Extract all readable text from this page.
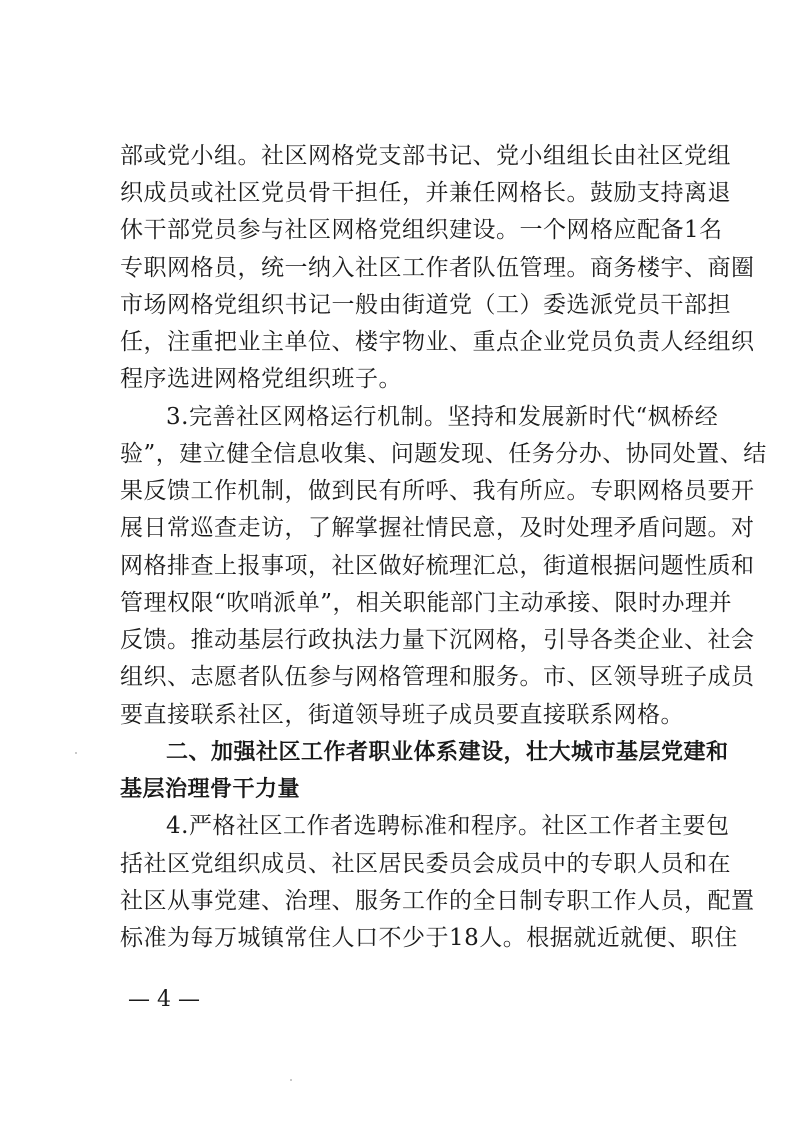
部或党小组。社区网格党支部书记、党小组组长由社区党组
织成员或社区党员骨干担任，并兼任网格长。鼓励支持离退
休干部党员参与社区网格党组织建设。一个网格应配备1名
专职网格员，统一纳入社区工作者队伍管理。商务楼宇、商圈
市场网格党组织书记一般由街道党（工）委选派党员干部担
任，注重把业主单位、楼宇物业、重点企业党员负责人经组织
程序选进网格党组织班子。
3.完善社区网格运行机制。坚持和发展新时代“枫桥经
验”，建立健全信息收集、问题发现、任务分办、协同处置、结
果反馈工作机制，做到民有所呼、我有所应。专职网格员要开
展日常巡查走访，了解掌握社情民意，及时处理矛盾问题。对
网格排查上报事项，社区做好梳理汇总，街道根据问题性质和
管理权限“吹哨派单”，相关职能部门主动承接、限时办理并
反馈。推动基层行政执法力量下沉网格，引导各类企业、社会
组织、志愿者队伍参与网格管理和服务。市、区领导班子成员
要直接联系社区，街道领导班子成员要直接联系网格。
二、加强社区工作者职业体系建设，壮大城市基层党建和
基层治理骨干力量
— 4 —
4.严格社区工作者选聘标准和程序。社区工作者主要包
括社区党组织成员、社区居民委员会成员中的专职人员和在
社区从事党建、治理、服务工作的全日制专职工作人员，配置
标准为每万城镇常住人口不少于18人。根据就近就便、职住
